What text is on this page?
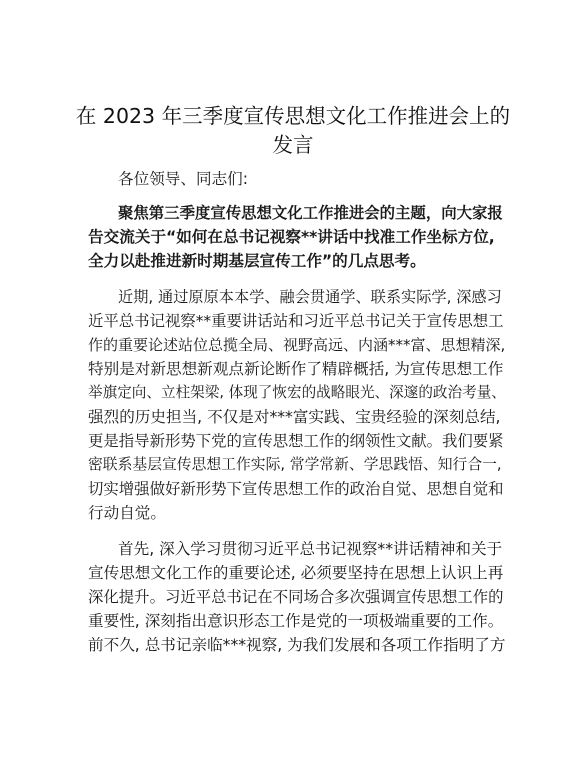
在 2023 年三季度宣传思想文化工作推进会上的
发言

各位领导、同志们:

聚焦第三季度宣传思想文化工作推进会的主题，向大家报

告交流关于“如何在总书记视察**讲话中找准工作坐标方位,

全力以赴推进新时期基层宣传工作”的几点思考。

近期, 通过原原本本学、融会贯通学、联系实际学, 深感习

近平总书记视察**重要讲话站和习近平总书记关于宣传思想工

作的重要论述站位总揽全局、视野高远、内涵***富、思想精深,

特别是对新思想新观点新论断作了精辟概括, 为宣传思想工作

举旗定向、立柱架梁, 体现了恢宏的战略眼光、深邃的政治考量、

强烈的历史担当, 不仅是对***富实践、宝贵经验的深刻总结,

更是指导新形势下党的宣传思想工作的纲领性文献。我们要紧

密联系基层宣传思想工作实际, 常学常新、学思践悟、知行合一,

切实增强做好新形势下宣传思想工作的政治自觉、思想自觉和

行动自觉。

首先, 深入学习贯彻习近平总书记视察**讲话精神和关于

宣传思想文化工作的重要论述, 必须要坚持在思想上认识上再

深化提升。习近平总书记在不同场合多次强调宣传思想工作的

重要性, 深刻指出意识形态工作是党的一项极端重要的工作。

前不久, 总书记亲临***视察, 为我们发展和各项工作指明了方
